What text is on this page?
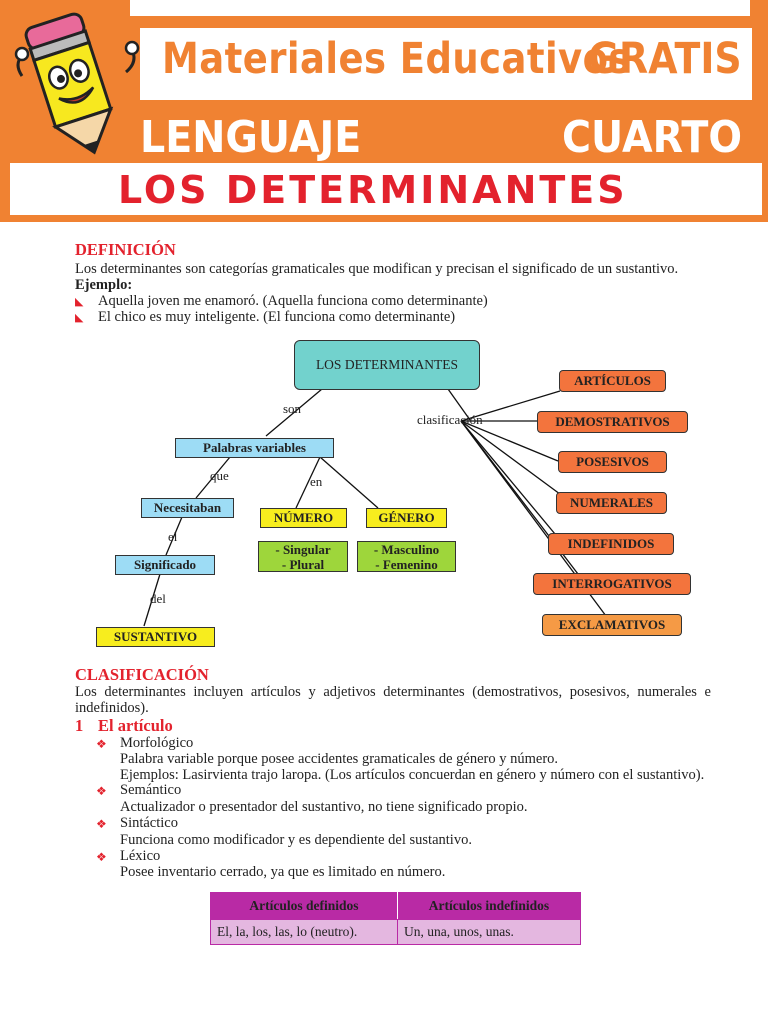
Materiales Educativos
GRATIS
LENGUAJE	CUARTO
LOS DETERMINANTES
DEFINICIÓN
Los determinantes son categorías gramaticales que modifican y precisan el significado de un sustantivo.
Ejemplo:
◣ Aquella joven me enamoró. (Aquella funciona como determinante)
◣ El chico es muy inteligente. (El funciona como determinante)
LOS DETERMINANTES
son
clasificación
Palabras variables
que	en
Necesitaban
el
Significado
del
SUSTANTIVO
NÚMERO	GÉNERO
- Singular
- Plural
- Masculino
- Femenino
ARTÍCULOS
DEMOSTRATIVOS
POSESIVOS
NUMERALES
INDEFINIDOS
INTERROGATIVOS
EXCLAMATIVOS
CLASIFICACIÓN
Los determinantes incluyen artículos y adjetivos determinantes (demostrativos, posesivos, numerales e indefinidos).
1 El artículo
❖ Morfológico
Palabra variable porque posee accidentes gramaticales de género y número.
Ejemplos: Lasirvienta trajo laropa. (Los artículos concuerdan en género y número con el sustantivo).
❖ Semántico
Actualizador o presentador del sustantivo, no tiene significado propio.
❖ Sintáctico
Funciona como modificador y es dependiente del sustantivo.
❖ Léxico
Posee inventario cerrado, ya que es limitado en número.
Artículos definidos	Artículos indefinidos
El, la, los, las, lo (neutro).	Un, una, unos, unas.
